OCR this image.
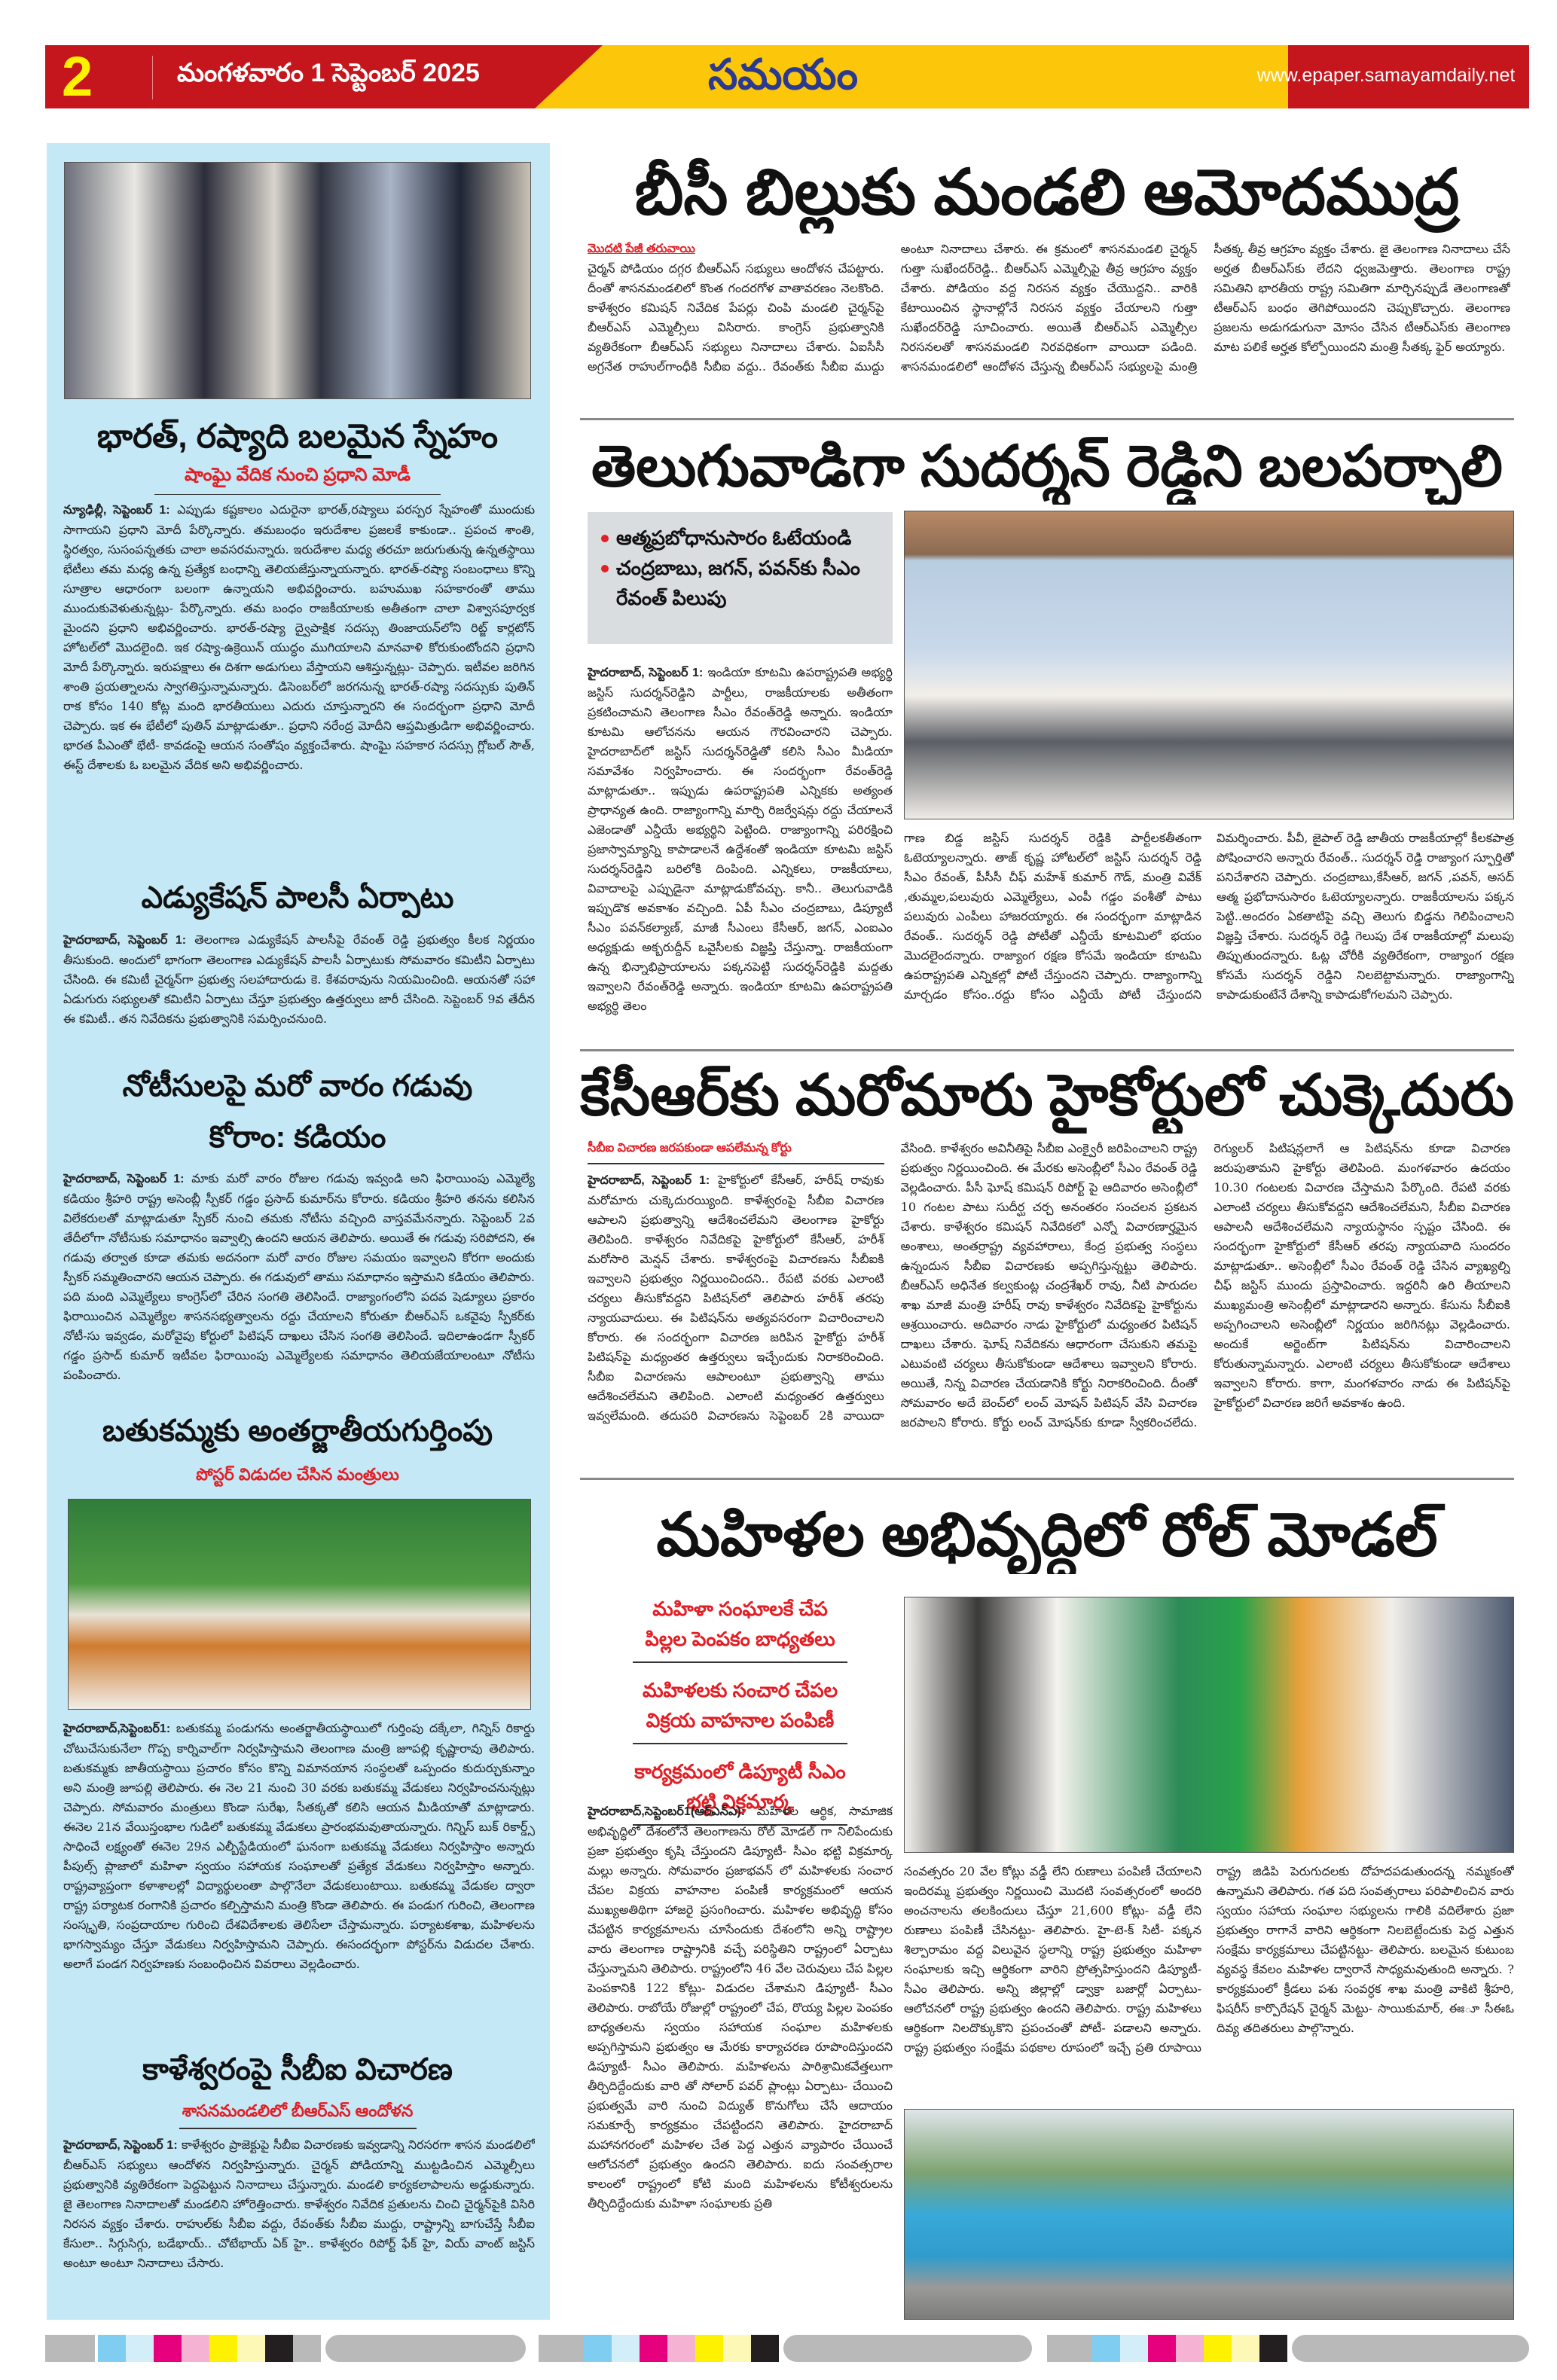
2	మంగళవారం 1 సెప్టెంబర్ 2025	సమయం	www.epaper.samayamdaily.net
భారత్, రష్యాది బలమైన స్నేహం
షాంఘై వేదిక నుంచి ప్రధాని మోడీ
న్యూఢిల్లీ, సెప్టెంబర్ 1: ఎప్పుడు కష్టకాలం ఎదురైనా భారత్,రష్యాలు పరస్పర స్నేహంతో ముందుకు సాగాయని ప్రధాని మోదీ పేర్కొన్నారు. తమబంధం ఇరుదేశాల ప్రజలకే కాకుండా.. ప్రపంచ శాంతి, స్థిరత్వం, సుసంపన్నతకు చాలా అవసరమన్నారు. ఇరుదేశాల మధ్య తరచూ జరుగుతున్న ఉన్నతస్థాయి భేటీలు తమ మధ్య ఉన్న ప్రత్యేక బంధాన్ని తెలియజేస్తున్నాయన్నారు. భారత్-రష్యా సంబంధాలు కొన్ని సూత్రాల ఆధారంగా బలంగా ఉన్నాయని అభివర్ణించారు. బహుముఖ సహకారంతో తాము ముందుకువెళుతున్నట్లు- పేర్కొన్నారు. తమ బంధం రాజకీయాలకు అతీతంగా చాలా విశ్వాసపూర్వక మైందని ప్రధాని అభివర్ణించారు. భారత్-రష్యా ద్వైపాక్షిక సదస్సు తింజాయన్‌లోని రిట్జ్ కార్లటోన్ హోటల్‌లో మొదలైంది. ఇక రష్యా-ఉక్రెయిన్ యుద్ధం ముగియాలని మానవాళి కోరుకుంటోందని ప్రధాని మోదీ పేర్కొన్నారు. ఇరుపక్షాలు ఈ దిశగా అడుగులు వేస్తాయని ఆశిస్తున్నట్లు- చెప్పారు. ఇటీవల జరిగిన శాంతి ప్రయత్నాలను స్వాగతిస్తున్నామన్నారు. డిసెంబర్‌లో జరగనున్న భారత్-రష్యా సదస్సుకు పుతిన్ రాక కోసం 140 కోట్ల మంది భారతీయులు ఎదురు చూస్తున్నారని ఈ సందర్భంగా ప్రధాని మోదీ చెప్పారు. ఇక ఈ భేటీలో పుతిన్ మాట్లాడుతూ.. ప్రధాని నరేంద్ర మోదీని ఆప్తమిత్రుడిగా అభివర్ణించారు. భారత పీఎంతో భేటీ- కావడంపై ఆయన సంతోషం వ్యక్తంచేశారు. షాంఘై సహకార సదస్సు గ్లోబల్ సౌత్, ఈస్ట్ దేశాలకు ఓ బలమైన వేదిక అని అభివర్ణించారు.
ఎడ్యుకేషన్ పాలసీ ఏర్పాటు
హైదరాబాద్, సెప్టెంబర్ 1: తెలంగాణ ఎడ్యుకేషన్ పాలసీపై రేవంత్ రెడ్డి ప్రభుత్వం కీలక నిర్ణయం తీసుకుంది. అందులో భాగంగా తెలంగాణ ఎడ్యుకేషన్ పాలసీ ఏర్పాటుకు సోమవారం కమిటీని ఏర్పాటు చేసింది. ఈ కమిటీ చైర్మన్‌గా ప్రభుత్వ సలహాదారుడు కె. కేశవరావును నియమించింది. ఆయనతో సహా ఏడుగురు సభ్యులతో కమిటీని ఏర్పాటు చేస్తూ ప్రభుత్వం ఉత్తర్వులు జారీ చేసింది. సెప్టెంబర్ 9వ తేదీన ఈ కమిటీ.. తన నివేదికను ప్రభుత్వానికి సమర్పించనుంది.
నోటీసులపై మరో వారం గడువు
కోరాం: కడియం
హైదరాబాద్, సెప్టెంబర్ 1: మాకు మరో వారం రోజుల గడువు ఇవ్వండి అని ఫిరాయింపు ఎమ్మెల్యే కడియం శ్రీహరి రాష్ట్ర అసెంబ్లీ స్పీకర్ గడ్డం ప్రసాద్ కుమార్‌ను కోరారు. కడియం శ్రీహరి తనను కలిసిన విలేకరులతో మాట్లాడుతూ స్పీకర్ నుంచి తమకు నోటీసు వచ్చింది వాస్తవమేనన్నారు. సెప్టెంబర్ 2వ తేదీలోగా నోటీసుకు సమాధానం ఇవ్వాల్సి ఉందని ఆయన తెలిపారు. అయితే ఈ గడువు సరిపోదని, ఈ గడువు తర్వాత కూడా తమకు అదనంగా మరో వారం రోజుల సమయం ఇవ్వాలని కోరగా అందుకు స్పీకర్ సమ్మతించారని ఆయన చెప్పారు. ఈ గడువులో తాము సమాధానం ఇస్తామని కడియం తెలిపారు. పది మంది ఎమ్మెల్యేలు కాంగ్రెస్‌లో చేరిన సంగతి తెలిసిందే. రాజ్యాంగంలోని పదవ షెడ్యూలు ప్రకారం ఫిరాయించిన ఎమ్మెల్యేల శాసనసభ్యత్వాలను రద్దు చేయాలని కోరుతూ బీఆర్ఎస్ ఒకవైపు స్పీకర్‌కు నోటీ-సు ఇవ్వడం, మరోవైపు కోర్టులో పిటిషన్ దాఖలు చేసిన సంగతి తెలిసిందే. ఇదిలాఉండగా స్పీకర్ గడ్డం ప్రసాద్ కుమార్ ఇటీవల ఫిరాయింపు ఎమ్మెల్యేలకు సమాధానం తెలియజేయాలంటూ నోటీసు పంపించారు.
బతుకమ్మకు అంతర్జాతీయగుర్తింపు
పోస్టర్ విడుదల చేసిన మంత్రులు
హైదరాబాద్,సెప్టెంబర్1: బతుకమ్మ పండుగను అంతర్జాతీయస్థాయిలో గుర్తింపు దక్కేలా, గిన్నిస్ రికార్డు చోటుచేసుకునేలా గొప్ప కార్నివాల్‌గా నిర్వహిస్తామని తెలంగాణ మంత్రి జూపల్లి కృష్ణారావు తెలిపారు. బతుకమ్మకు జాతీయస్థాయి ప్రచారం కోసం కొన్ని విమానయాన సంస్థలతో ఒప్పందం కుదుర్చుకున్నాం అని మంత్రి జూపల్లి తెలిపారు. ఈ నెల 21 నుంచి 30 వరకు బతుకమ్మ వేడుకలు నిర్వహించనున్నట్లు చెప్పారు. సోమవారం మంత్రులు కొండా సురేఖ, సీతక్కతో కలిసి ఆయన మీడియాతో మాట్లాడారు. ఈనెల 21న వేయిస్తంభాల గుడిలో బతుకమ్మ వేడుకలు ప్రారంభమవుతాయన్నారు. గిన్నిస్ బుక్ రికార్డ్స్ సాధించే లక్ష్యంతో ఈనెల 29న ఎల్బీస్టేడియంలో ఘనంగా బతుకమ్మ వేడుకలు నిర్వహిస్తాం అన్నారు పీపుల్స్ ప్లాజాలో మహిళా స్వయం సహాయక సంఘాలతో ప్రత్యేక వేడుకలు నిర్వహిస్తాం అన్నారు. రాష్ట్రవ్యాప్తంగా కళాశాలల్లో విద్యార్థులంతా పాల్గొనేలా వేడుకలుంటాయి. బతుకమ్మ వేడుకల ద్వారా రాష్ట్ర పర్యాటక రంగానికి ప్రచారం కల్పిస్తామని మంత్రి కొండా తెలిపారు. ఈ పండుగ గురించి, తెలంగాణ సంస్కృతి, సంప్రదాయాల గురించి దేశవిదేశాలకు తెలిసేలా చేస్తామన్నారు. పర్యాటకశాఖ, మహిళలను భాగస్వామ్యం చేస్తూ వేడుకలు నిర్వహిస్తామని చెప్పారు. ఈసందర్భంగా పోస్టర్‌ను విడుదల చేశారు. అలాగే పండగ నిర్వహణకు సంబంధించిన వివరాలు వెల్లడించారు.
కాళేశ్వరంపై సీబీఐ విచారణ
శాసనమండలిలో బీఆర్ఎస్ ఆందోళన
హైదరాబాద్, సెప్టెంబర్ 1: కాళేశ్వరం ప్రాజెక్టుపై సీబీఐ విచారణకు ఇవ్వడాన్ని నిరసరగా శాసన మండలిలో బీఆర్ఎస్ సభ్యులు ఆందోళన నిర్వహిస్తున్నారు. చైర్మన్ పోడియాన్ని ముట్టడించిన ఎమ్మెల్సీలు ప్రభుత్వానికి వ్యతిరేకంగా పెద్దపెట్టున నినాదాలు చేస్తున్నారు. మండలి కార్యకలాపాలను అడ్డుకున్నారు. జై తెలంగాణ నినాదాలతో మండలిని హోరెత్తించారు. కాళేశ్వరం నివేదిక ప్రతులను చించి చైర్మన్‌పైకి విసిరి నిరసన వ్యక్తం చేశారు. రాహుల్‌కు సీబీఐ వద్దు, రేవంత్‌కు సీబీఐ ముద్దు, రాష్ట్రాన్ని బాగుచేస్తే సీబీఐ కేసులా.. సిగ్గుసిగ్గు, బడేభాయ్.. చోటేభాయ్ ఏక్ హై.. కాళేశ్వరం రిపోర్ట్ ఫేక్ హై, వియ్ వాంట్ జస్టిస్ అంటూ అంటూ నినాదాలు చేసారు.
బీసీ బిల్లుకు మండలి ఆమోదముద్ర
మొదటి పేజీ తరువాయి
చైర్మన్ పోడియం దగ్గర బీఆర్ఎస్ సభ్యులు ఆందోళన చేపట్టారు. దీంతో శాసనమండలిలో కొంత గందరగోళ వాతావరణం నెలకొంది. కాళేశ్వరం కమిషన్ నివేదిక పేపర్లు చింపి మండలి చైర్మన్‌పై బీఆర్ఎస్ ఎమ్మెల్సీలు విసిరారు. కాంగ్రెస్ ప్రభుత్వానికి వ్యతిరేకంగా బీఆర్ఎస్ సభ్యులు నినాదాలు చేశారు. ఏఐసీసీ అగ్రనేత రాహుల్‌గాంధీకి సీబీఐ వద్దు.. రేవంత్‌కు సీబీఐ ముద్దు అంటూ నినాదాలు చేశారు. ఈ క్రమంలో శాసనమండలి చైర్మన్ గుత్తా సుఖేందర్‌రెడ్డి.. బీఆర్ఎస్ ఎమ్మెల్సీపై తీవ్ర ఆగ్రహం వ్యక్తం చేశారు. పోడియం వద్ద నిరసన వ్యక్తం చేయొద్దని.. వారికి కేటాయించిన స్థానాల్లోనే నిరసన వ్యక్తం చేయాలని గుత్తా సుఖేందర్‌రెడ్డి సూచించారు. అయితే బీఆర్ఎస్ ఎమ్మెల్సీల నిరసనలతో శాసనమండలి నిరవధికంగా వాయిదా పడింది. శాసనమండలిలో ఆందోళన చేస్తున్న బీఆర్ఎస్ సభ్యులపై మంత్రి సీతక్క తీవ్ర ఆగ్రహం వ్యక్తం చేశారు. జై తెలంగాణ నినాదాలు చేసే అర్హత బీఆర్ఎస్‌కు లేదని ధ్వజమెత్తారు. తెలంగాణ రాష్ట్ర సమితిని భారతీయ రాష్ట్ర సమితిగా మార్చినప్పుడే తెలంగాణతో టీఆర్ఎస్ బంధం తెగిపోయిందని చెప్పుకొచ్చారు. తెలంగాణ ప్రజలను అడుగడుగునా మోసం చేసిన టీఆర్ఎస్‌కు తెలంగాణ మాట పలికే అర్హత కోల్పోయిందని మంత్రి సీతక్క ఫైర్ అయ్యారు.
తెలుగువాడిగా సుదర్శన్ రెడ్డిని బలపర్చాలి
ఆత్మప్రబోధానుసారం ఓటేయండి
చంద్రబాబు, జగన్, పవన్‌కు సీఎం రేవంత్ పిలుపు
హైదరాబాద్, సెప్టెంబర్ 1: ఇండియా కూటమి ఉపరాష్ట్రపతి అభ్యర్థి జస్టిస్ సుదర్శన్‌రెడ్డిని పార్టీలు, రాజకీయాలకు అతీతంగా ప్రకటించామని తెలంగాణ సీఎం రేవంత్‌రెడ్డి అన్నారు. ఇండియా కూటమి ఆలోచనను ఆయన గౌరవించారని చెప్పారు. హైదరాబాద్‌లో జస్టిస్ సుదర్శన్‌రెడ్డితో కలిసి సీఎం మీడియా సమావేశం నిర్వహించారు. ఈ సందర్భంగా రేవంత్‌రెడ్డి మాట్లాడుతూ.. ఇప్పుడు ఉపరాష్ట్రపతి ఎన్నికకు అత్యంత ప్రాధాన్యత ఉంది. రాజ్యాంగాన్ని మార్చి రిజర్వేషన్లు రద్దు చేయాలనే ఎజెండాతో ఎన్డీయే అభ్యర్థిని పెట్టింది. రాజ్యాంగాన్ని పరిరక్షించి ప్రజాస్వామ్యాన్ని కాపాడాలనే ఉద్దేశంతో ఇండియా కూటమి జస్టిస్ సుదర్శన్‌రెడ్డిని బరిలోకి దింపింది. ఎన్నికలు, రాజకీయాలు, వివాదాలపై ఎప్పుడైనా మాట్లాడుకోవచ్చు. కానీ.. తెలుగువాడికి ఇప్పుడొక అవకాశం వచ్చింది. ఏపీ సీఎం చంద్రబాబు, డిప్యూటీ సీఎం పవన్‌కల్యాణ్, మాజీ సీఎంలు కేసీఆర్, జగన్, ఎంఐఎం అధ్యక్షుడు అక్బరుద్దీన్ ఒవైసీలకు విజ్ఞప్తి చేస్తున్నా. రాజకీయంగా ఉన్న భిన్నాభిప్రాయాలను పక్కనపెట్టి సుదర్శన్‌రెడ్డికి మద్దతు ఇవ్వాలని రేవంత్‌రెడ్డి అన్నారు. ఇండియా కూటమి ఉపరాష్ట్రపతి అభ్యర్థి తెలం
గాణ బిడ్డ జస్టిస్ సుదర్శన్ రెడ్డికి పార్టీలకతీతంగా ఓటెయ్యాలన్నారు. తాజ్ కృష్ణ హోటల్‌లో జస్టిస్ సుదర్శన్ రెడ్డి సీఎం రేవంత్, పీసీసీ చీఫ్ మహేశ్ కుమార్ గౌడ్, మంత్రి వివేక్ ,తుమ్మల,పలువురు ఎమ్మెల్యేలు, ఎంపీ గడ్డం వంశీతో పాటు పలువురు ఎంపీలు హాజరయ్యారు. ఈ సందర్భంగా మాట్లాడిన రేవంత్.. సుదర్శన్ రెడ్డి పోటీతో ఎన్డీయే కూటమిలో భయం మొదలైందన్నారు. రాజ్యాంగ రక్షణ కోసమే ఇండియా కూటమి ఉపరాష్ట్రపతి ఎన్నికల్లో పోటీ చేస్తుందని చెప్పారు. రాజ్యాంగాన్ని మార్చడం కోసం..రద్దు కోసం ఎన్డీయే పోటీ చేస్తుందని విమర్శించారు. పీవీ, జైపాల్ రెడ్డి జాతీయ రాజకీయాల్లో కీలకపాత్ర పోషించారని అన్నారు రేవంత్.. సుదర్శన్ రెడ్డి రాజ్యాంగ స్ఫూర్తితో పనిచేశారని చెప్పారు. చంద్రబాబు,కేసీఆర్, జగన్ ,పవన్, అసద్ ఆత్మ ప్రభోదానుసారం ఓటెయ్యాలన్నారు. రాజకీయాలను పక్కన పెట్టి..అందరం ఏకతాటిపై వచ్చి తెలుగు బిడ్డను గెలిపించాలని విజ్ఞప్తి చేశారు. సుదర్శన్ రెడ్డి గెలుపు దేశ రాజకీయాల్లో మలుపు తిప్పుతుందన్నారు. ఓట్ల చోరీకి వ్యతిరేకంగా, రాజ్యాంగ రక్షణ కోసమే సుదర్శన్ రెడ్డిని నిలబెట్టామన్నారు. రాజ్యాంగాన్ని కాపాడుకుంటేనే దేశాన్ని కాపాడుకోగలమని చెప్పారు.
కేసీఆర్‌కు మరోమారు హైకోర్టులో చుక్కెదురు
సీబీఐ విచారణ జరపకుండా ఆపలేమన్న కోర్టు
హైదరాబాద్, సెప్టెంబర్ 1: హైకోర్టులో కేసీఆర్, హరీష్ రావుకు మరోమారు చుక్కెదురయ్యింది. కాళేశ్వరంపై సీబీఐ విచారణ ఆపాలని ప్రభుత్వాన్ని ఆదేశించలేమని తెలంగాణ హైకోర్టు తెలిపింది. కాళేశ్వరం నివేదికపై హైకోర్టులో కేసీఆర్, హరీశ్ మరోసారి మెన్షన్ చేశారు. కాళేశ్వరంపై విచారణను సీబీఐకి ఇవ్వాలని ప్రభుత్వం నిర్ణయించిందని.. రేపటి వరకు ఎలాంటి చర్యలు తీసుకోవద్దని పిటిషన్‌లో తెలిపారు హరీశ్ తరపు న్యాయవాదులు. ఈ పిటిషన్‌ను అత్యవసరంగా విచారించాలని కోరారు. ఈ సందర్భంగా విచారణ జరిపిన హైకోర్టు హరీశ్ పిటిషన్‌పై మధ్యంతర ఉత్తర్వులు ఇచ్చేందుకు నిరాకరించింది. సీబీఐ విచారణను ఆపాలంటూ ప్రభుత్వాన్ని తాము ఆదేశించలేమని తెలిపింది. ఎలాంటి మధ్యంతర ఉత్తర్వులు ఇవ్వలేమంది. తదుపరి విచారణను సెప్టెంబర్ 2కి వాయిదా వేసింది. కాళేశ్వరం అవినీతిపై సీబీఐ ఎంక్వైరీ జరిపించాలని రాష్ట్ర ప్రభుత్వం నిర్ణయించింది. ఈ మేరకు అసెంబ్లీలో సీఎం రేవంత్ రెడ్డి వెల్లడించారు. పీసీ ఘోష్ కమిషన్ రిపోర్ట్ పై ఆదివారం అసెంబ్లీలో 10 గంటల పాటు సుదీర్ఘ చర్చ అనంతరం సంచలన ప్రకటన చేశారు. కాళేశ్వరం కమిషన్ నివేదికలో ఎన్నో విచారణార్హమైన అంశాలు, అంతర్రాష్ట్ర వ్యవహారాలు, కేంద్ర ప్రభుత్వ సంస్థలు ఉన్నందున సీబీఐ విచారణకు అప్పగిస్తున్నట్టు తెలిపారు. బీఆర్ఎస్ అధినేత కల్వకుంట్ల చంద్రశేఖర్ రావు, నీటి పారుదల శాఖ మాజీ మంత్రి హరీష్ రావు కాళేశ్వరం నివేదికపై హైకోర్టును ఆశ్రయించారు. ఆదివారం నాడు హైకోర్టులో మధ్యంతర పిటిషన్ దాఖలు చేశారు. ఘోష్ నివేదికను ఆధారంగా చేసుకుని తమపై ఎటువంటి చర్యలు తీసుకోకుండా ఆదేశాలు ఇవ్వాలని కోరారు. అయితే, నిన్న విచారణ చేయడానికి కోర్టు నిరాకరించింది. దీంతో సోమవారం అదే బెంచ్‌లో లంచ్ మోషన్ పిటిషన్ వేసి విచారణ జరపాలని కోరారు. కోర్టు లంచ్ మోషన్‌కు కూడా స్వీకరించలేదు. రెగ్యులర్ పిటిషన్లలాగే ఆ పిటిషన్‌ను కూడా విచారణ జరుపుతామని హైకోర్టు తెలిపింది. మంగళవారం ఉదయం 10.30 గంటలకు విచారణ చేస్తామని పేర్కొంది. రేపటి వరకు ఎలాంటి చర్యలు తీసుకోవద్దని ఆదేశించలేమని, సీబీఐ విచారణ ఆపాలనీ ఆదేశించలేమని న్యాయస్థానం స్పష్టం చేసింది. ఈ సందర్భంగా హైకోర్టులో కేసీఆర్ తరపు న్యాయవాది సుందరం మాట్లాడుతూ.. అసెంబ్లీలో సీఎం రేవంత్ రెడ్డి చేసిన వ్యాఖ్యల్ని చీఫ్ జస్టిస్ ముందు ప్రస్తావించారు. ఇద్దరినీ ఉరి తీయాలని ముఖ్యమంత్రి అసెంబ్లీలో మాట్లాడారని అన్నారు. కేసును సీబీఐకి అప్పగించాలని అసెంబ్లీలో నిర్ణయం జరిగినట్లు వెల్లడించారు. అందుకే అర్జెంట్‌గా పిటిషన్‌ను విచారించాలని కోరుతున్నామన్నారు. ఎలాంటి చర్యలు తీసుకోకుండా ఆదేశాలు ఇవ్వాలని కోరారు. కాగా, మంగళవారం నాడు ఈ పిటిషన్‌పై హైకోర్టులో విచారణ జరిగే అవకాశం ఉంది.
మహిళల అభివృద్ధిలో రోల్ మోడల్
మహిళా సంఘాలకే చేప పిల్లల పెంపకం బాధ్యతలు
మహిళలకు సంచార చేపల విక్రయ వాహనాల పంపిణీ
కార్యక్రమంలో డిప్యూటీ సీఎం భట్టి విక్రమార్క
హైదరాబాద్,సెప్టెంబర్1(ఆర్ఎన్ఎ): మహిళల ఆర్థిక, సామాజిక అభివృద్ధిలో దేశంలోనే తెలంగాణను రోల్ మోడల్ గా నిలిపేందుకు ప్రజా ప్రభుత్వం కృషి చేస్తుందని డిప్యూటీ- సీఎం భట్టి విక్రమార్క మల్లు అన్నారు. సోమవారం ప్రజాభవన్ లో మహిళలకు సంచార చేపల విక్రయ వాహనాల పంపిణీ కార్యక్రమంలో ఆయన ముఖ్యఅతిథిగా హాజరై ప్రసంగించారు. మహిళల అభివృద్ధి కోసం చేపట్టిన కార్యక్రమాలను చూసేందుకు దేశంలోని అన్ని రాష్ట్రాల వారు తెలంగాణ రాష్ట్రానికి వచ్చే పరిస్థితిని రాష్ట్రంలో ఏర్పాటు చేస్తున్నామని తెలిపారు. రాష్ట్రంలోని 46 వేల చెరువులు చేప పిల్లల పెంపకానికి 122 కోట్లు- విడుదల చేశామని డిప్యూటీ- సీఎం తెలిపారు. రాబోయే రోజుల్లో రాష్ట్రంలో చేప, రొయ్య పిల్లల పెంపకం బాధ్యతలను స్వయం సహాయక సంఘాల మహిళలకు అప్పగిస్తామని ప్రభుత్వం ఆ మేరకు కార్యాచరణ రూపొందిస్తుందని డిప్యూటీ- సీఎం తెలిపారు. మహిళలను పారిశ్రామికవేత్తలుగా తీర్చిదిద్దేందుకు వారి తో సోలార్ పవర్ ప్లాంట్లు ఏర్పాటు- చేయించి ప్రభుత్వమే వారి నుంచి విద్యుత్ కొనుగోలు చేసే ఆదాయం సమకూర్చే కార్యక్రమం చేపట్టిందని తెలిపారు. హైదరాబాద్ మహానగరంలో మహిళల చేత పెద్ద ఎత్తున వ్యాపారం చేయించే ఆలోచనలో ప్రభుత్వం ఉందని తెలిపారు. ఐదు సంవత్సరాల కాలంలో రాష్ట్రంలో కోటి మంది మహిళలను కోటీశ్వరులను తీర్చిదిద్దేందుకు మహిళా సంఘాలకు ప్రతి
సంవత్సరం 20 వేల కోట్లు వడ్డీ లేని రుణాలు పంపిణీ చేయాలని ఇందిరమ్మ ప్రభుత్వం నిర్ణయించి మొదటి సంవత్సరంలో అందరి అంచనాలను తలకిందులు చేస్తూ 21,600 కోట్లు- వడ్డీ లేని రుణాలు పంపిణీ చేసినట్టు- తెలిపారు. హై-టె-క్ సిటీ- పక్కన శిల్పారామం వద్ద విలువైన స్థలాన్ని రాష్ట్ర ప్రభుత్వం మహిళా సంఘాలకు ఇచ్చి ఆర్థికంగా వారిని ప్రోత్సహిస్తుందని డిప్యూటీ- సీఎం తెలిపారు. అన్ని జిల్లాల్లో డ్వాక్రా బజార్లో ఏర్పాటు- ఆలోచనలో రాష్ట్ర ప్రభుత్వం ఉందని తెలిపారు. రాష్ట్ర మహిళలు ఆర్థికంగా నిలదొక్కుకొని ప్రపంచంతో పోటీ- పడాలని అన్నారు. రాష్ట్ర ప్రభుత్వం సంక్షేమ పథకాల రూపంలో ఇచ్చే ప్రతి రూపాయి రాష్ట్ర జిడిపి పెరుగుదలకు దోహదపడుతుందన్న నమ్మకంతో ఉన్నామని తెలిపారు. గత పది సంవత్సరాలు పరిపాలించిన వారు స్వయం సహాయ సంఘాల సభ్యులను గాలికి వదిలేశారు ప్రజా ప్రభుత్వం రాగానే వారిని ఆర్థికంగా నిలబెట్టేందుకు పెద్ద ఎత్తున సంక్షేమ కార్యక్రమాలు చేపట్టినట్టు- తెలిపారు. బలమైన కుటుంబ వ్యవస్థ కేవలం మహిళల ద్వారానే సాధ్యమవుతుంది అన్నారు. ?కార్యక్రమంలో క్రీడలు పశు సంవర్ధక శాఖ మంత్రి వాకిటి శ్రీహరి, ఫిషరీస్ కార్పొరేషన్ చైర్మన్ మెట్టు- సాయికుమార్, ఈఃూ సీఈఓ దివ్య తదితరులు పాల్గొన్నారు.
